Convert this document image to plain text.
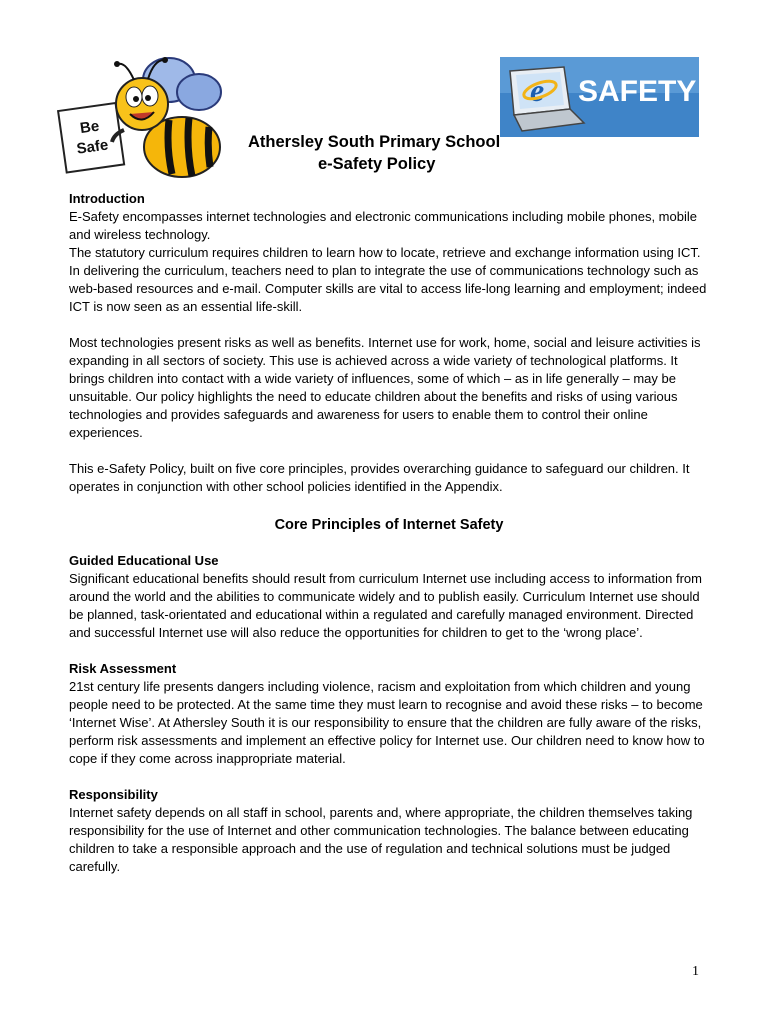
Be
Safe
e SAFETY
Athersley South Primary School
e-Safety Policy

Introduction

E-Safety encompasses internet technologies and electronic communications including mobile phones, mobile and wireless technology.

The statutory curriculum requires children to learn how to locate, retrieve and exchange information using ICT. In delivering the curriculum, teachers need to plan to integrate the use of communications technology such as web-based resources and e-mail. Computer skills are vital to access life-long learning and employment; indeed ICT is now seen as an essential life-skill.

Most technologies present risks as well as benefits. Internet use for work, home, social and leisure activities is expanding in all sectors of society. This use is achieved across a wide variety of technological platforms. It brings children into contact with a wide variety of influences, some of which – as in life generally – may be unsuitable. Our policy highlights the need to educate children about the benefits and risks of using various technologies and provides safeguards and awareness for users to enable them to control their online experiences.

This e-Safety Policy, built on five core principles, provides overarching guidance to safeguard our children. It operates in conjunction with other school policies identified in the Appendix.

Core Principles of Internet Safety

Guided Educational Use

Significant educational benefits should result from curriculum Internet use including access to information from around the world and the abilities to communicate widely and to publish easily. Curriculum Internet use should be planned, task-orientated and educational within a regulated and carefully managed environment. Directed and successful Internet use will also reduce the opportunities for children to get to the ‘wrong place’.

Risk Assessment

21st century life presents dangers including violence, racism and exploitation from which children and young people need to be protected. At the same time they must learn to recognise and avoid these risks – to become ‘Internet Wise’. At Athersley South it is our responsibility to ensure that the children are fully aware of the risks, perform risk assessments and implement an effective policy for Internet use. Our children need to know how to cope if they come across inappropriate material.

Responsibility

Internet safety depends on all staff in school, parents and, where appropriate, the children themselves taking responsibility for the use of Internet and other communication technologies. The balance between educating children to take a responsible approach and the use of regulation and technical solutions must be judged carefully.

1
